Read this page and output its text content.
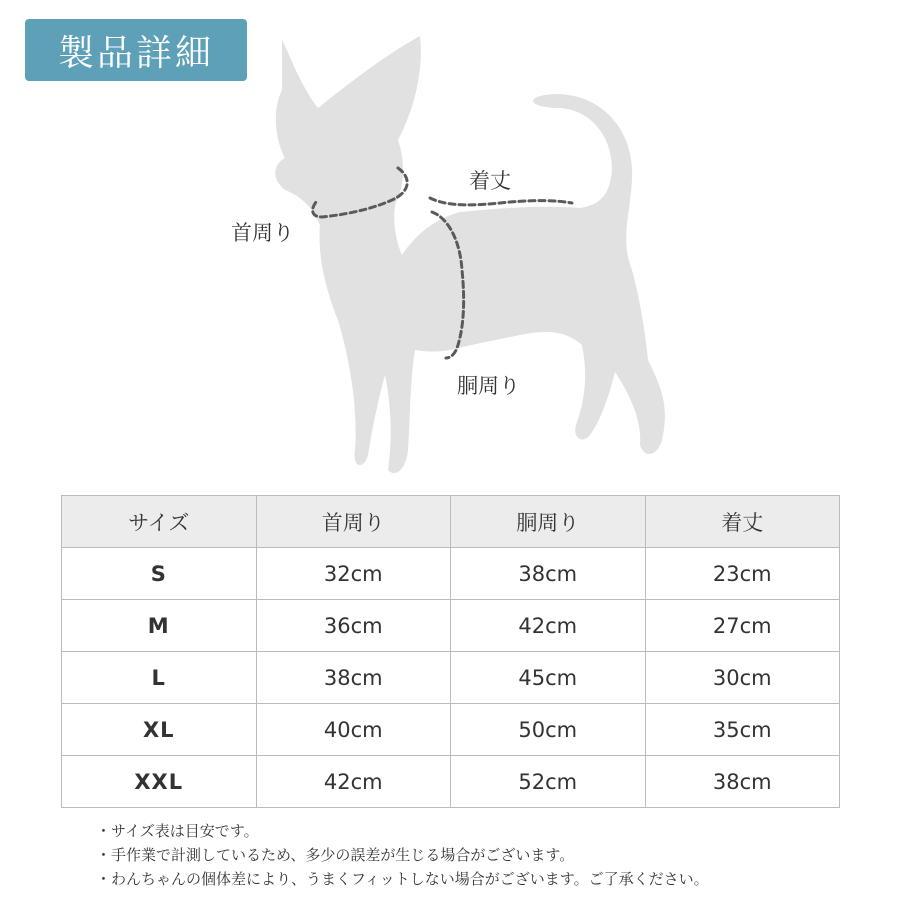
製品詳細
首周り
着丈
胴周り
サイズ	首周り	胴周り	着丈
S	32cm	38cm	23cm
M	36cm	42cm	27cm
L	38cm	45cm	30cm
XL	40cm	50cm	35cm
XXL	42cm	52cm	38cm
・サイズ表は目安です。
・手作業で計測しているため、多少の誤差が生じる場合がございます。
・わんちゃんの個体差により、うまくフィットしない場合がございます。ご了承ください。
